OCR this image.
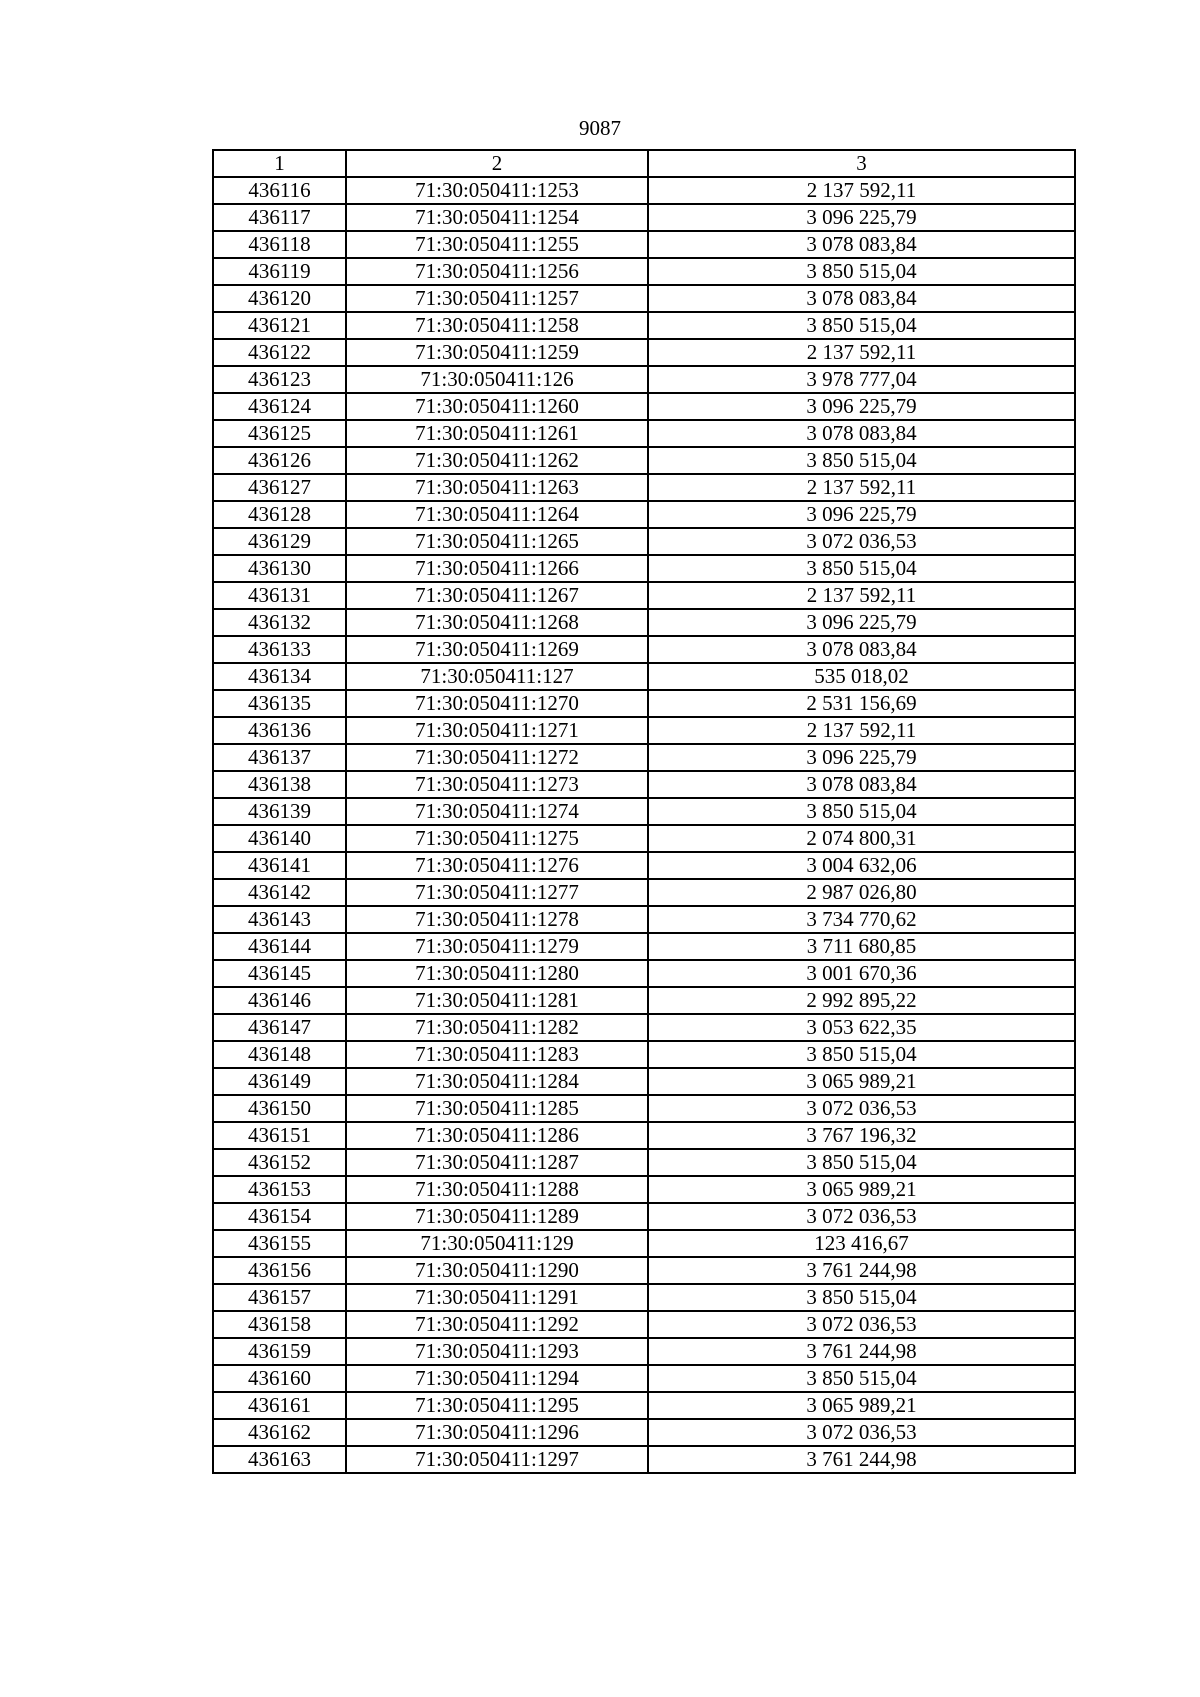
9087
1	2	3
436116	71:30:050411:1253	2 137 592,11
436117	71:30:050411:1254	3 096 225,79
436118	71:30:050411:1255	3 078 083,84
436119	71:30:050411:1256	3 850 515,04
436120	71:30:050411:1257	3 078 083,84
436121	71:30:050411:1258	3 850 515,04
436122	71:30:050411:1259	2 137 592,11
436123	71:30:050411:126	3 978 777,04
436124	71:30:050411:1260	3 096 225,79
436125	71:30:050411:1261	3 078 083,84
436126	71:30:050411:1262	3 850 515,04
436127	71:30:050411:1263	2 137 592,11
436128	71:30:050411:1264	3 096 225,79
436129	71:30:050411:1265	3 072 036,53
436130	71:30:050411:1266	3 850 515,04
436131	71:30:050411:1267	2 137 592,11
436132	71:30:050411:1268	3 096 225,79
436133	71:30:050411:1269	3 078 083,84
436134	71:30:050411:127	535 018,02
436135	71:30:050411:1270	2 531 156,69
436136	71:30:050411:1271	2 137 592,11
436137	71:30:050411:1272	3 096 225,79
436138	71:30:050411:1273	3 078 083,84
436139	71:30:050411:1274	3 850 515,04
436140	71:30:050411:1275	2 074 800,31
436141	71:30:050411:1276	3 004 632,06
436142	71:30:050411:1277	2 987 026,80
436143	71:30:050411:1278	3 734 770,62
436144	71:30:050411:1279	3 711 680,85
436145	71:30:050411:1280	3 001 670,36
436146	71:30:050411:1281	2 992 895,22
436147	71:30:050411:1282	3 053 622,35
436148	71:30:050411:1283	3 850 515,04
436149	71:30:050411:1284	3 065 989,21
436150	71:30:050411:1285	3 072 036,53
436151	71:30:050411:1286	3 767 196,32
436152	71:30:050411:1287	3 850 515,04
436153	71:30:050411:1288	3 065 989,21
436154	71:30:050411:1289	3 072 036,53
436155	71:30:050411:129	123 416,67
436156	71:30:050411:1290	3 761 244,98
436157	71:30:050411:1291	3 850 515,04
436158	71:30:050411:1292	3 072 036,53
436159	71:30:050411:1293	3 761 244,98
436160	71:30:050411:1294	3 850 515,04
436161	71:30:050411:1295	3 065 989,21
436162	71:30:050411:1296	3 072 036,53
436163	71:30:050411:1297	3 761 244,98
